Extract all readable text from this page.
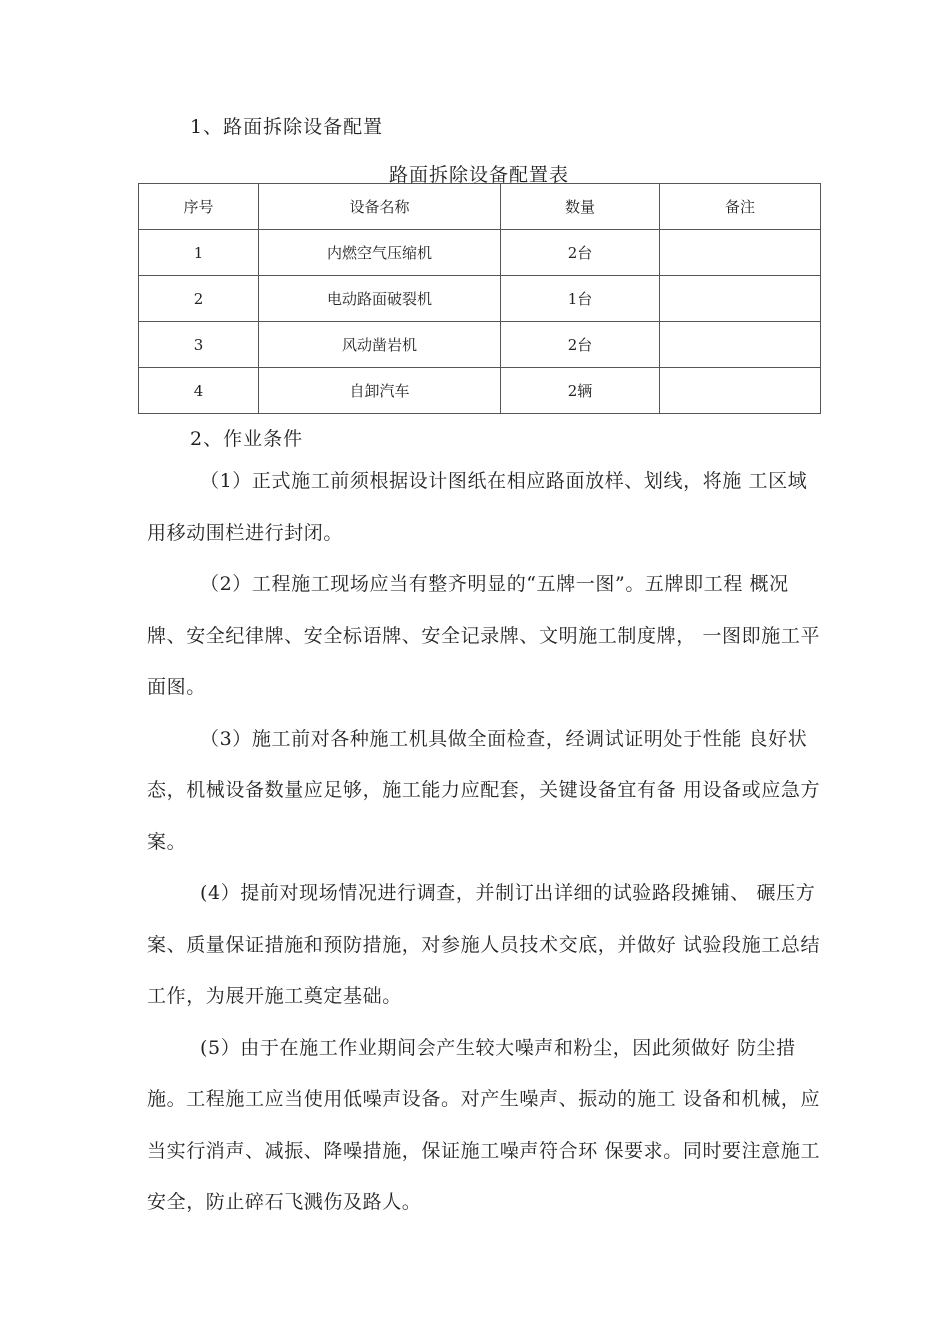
1、路面拆除设备配置
路面拆除设备配置表
序号	设备名称	数量	备注
1	内燃空气压缩机	2台	
2	电动路面破裂机	1台	
3	风动凿岩机	2台	
4	自卸汽车	2辆	
2、作业条件

（1）正式施工前须根据设计图纸在相应路面放样、划线，将施 工区域用移动围栏进行封闭。

（2）工程施工现场应当有整齐明显的“五牌一图”。五牌即工程 概况牌、安全纪律牌、安全标语牌、安全记录牌、文明施工制度牌， 一图即施工平面图。

（3）施工前对各种施工机具做全面检查，经调试证明处于性能 良好状态，机械设备数量应足够，施工能力应配套，关键设备宜有备 用设备或应急方案。

(4）提前对现场情况进行调查，并制订出详细的试验路段摊铺、 碾压方案、质量保证措施和预防措施，对参施人员技术交底，并做好 试验段施工总结工作，为展开施工奠定基础。

(5）由于在施工作业期间会产生较大噪声和粉尘，因此须做好 防尘措施。工程施工应当使用低噪声设备。对产生噪声、振动的施工 设备和机械，应当实行消声、减振、降噪措施，保证施工噪声符合环 保要求。同时要注意施工安全，防止碎石飞溅伤及路人。
